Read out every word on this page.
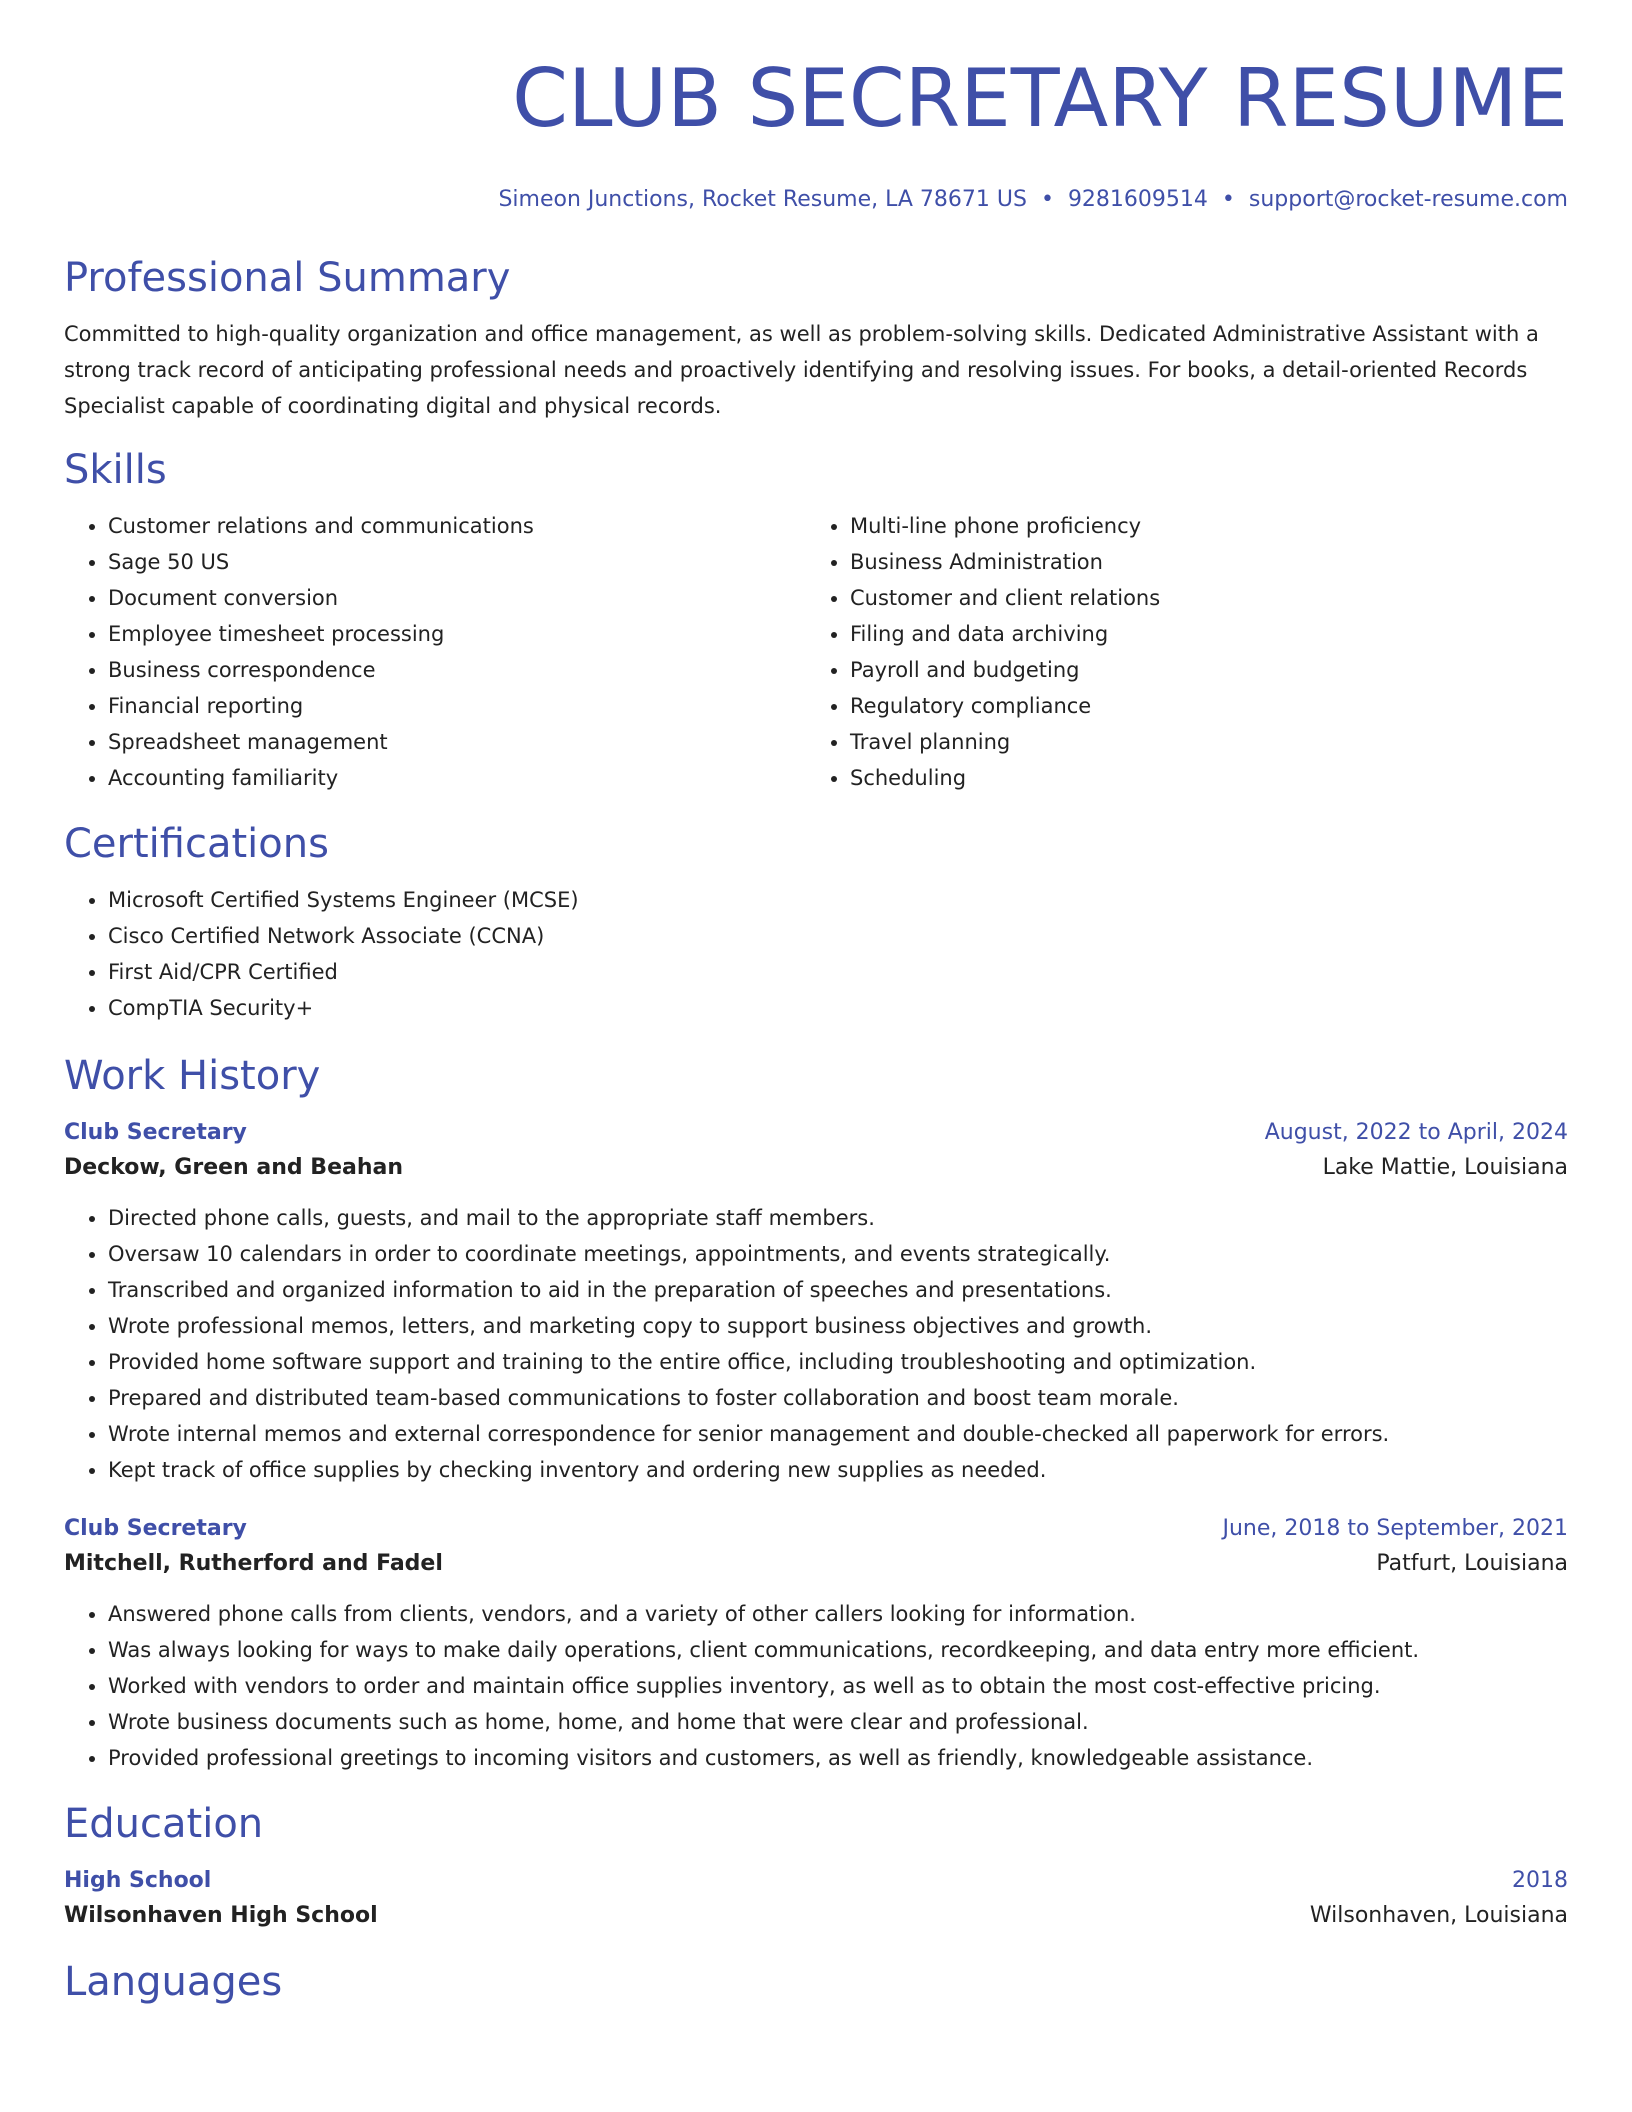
CLUB SECRETARY RESUME
Simeon Junctions, Rocket Resume, LA 78671 US • 9281609514 • support@rocket-resume.com
Professional Summary

Committed to high-quality organization and office management, as well as problem-solving skills. Dedicated Administrative Assistant with a strong track record of anticipating professional needs and proactively identifying and resolving issues. For books, a detail-oriented Records Specialist capable of coordinating digital and physical records.

Skills
• Customer relations and communications
• Sage 50 US
• Document conversion
• Employee timesheet processing
• Business correspondence
• Financial reporting
• Spreadsheet management
• Accounting familiarity
• Multi-line phone proficiency
• Business Administration
• Customer and client relations
• Filing and data archiving
• Payroll and budgeting
• Regulatory compliance
• Travel planning
• Scheduling
Certifications
• Microsoft Certified Systems Engineer (MCSE)
• Cisco Certified Network Associate (CCNA)
• First Aid/CPR Certified
• CompTIA Security+
Work History
Club Secretary	August, 2022 to April, 2024
Deckow, Green and Beahan	Lake Mattie, Louisiana
• Directed phone calls, guests, and mail to the appropriate staff members.
• Oversaw 10 calendars in order to coordinate meetings, appointments, and events strategically.
• Transcribed and organized information to aid in the preparation of speeches and presentations.
• Wrote professional memos, letters, and marketing copy to support business objectives and growth.
• Provided home software support and training to the entire office, including troubleshooting and optimization.
• Prepared and distributed team-based communications to foster collaboration and boost team morale.
• Wrote internal memos and external correspondence for senior management and double-checked all paperwork for errors.
• Kept track of office supplies by checking inventory and ordering new supplies as needed.
Club Secretary	June, 2018 to September, 2021
Mitchell, Rutherford and Fadel	Patfurt, Louisiana
• Answered phone calls from clients, vendors, and a variety of other callers looking for information.
• Was always looking for ways to make daily operations, client communications, recordkeeping, and data entry more efficient.
• Worked with vendors to order and maintain office supplies inventory, as well as to obtain the most cost-effective pricing.
• Wrote business documents such as home, home, and home that were clear and professional.
• Provided professional greetings to incoming visitors and customers, as well as friendly, knowledgeable assistance.
Education
High School	2018
Wilsonhaven High School	Wilsonhaven, Louisiana
Languages
